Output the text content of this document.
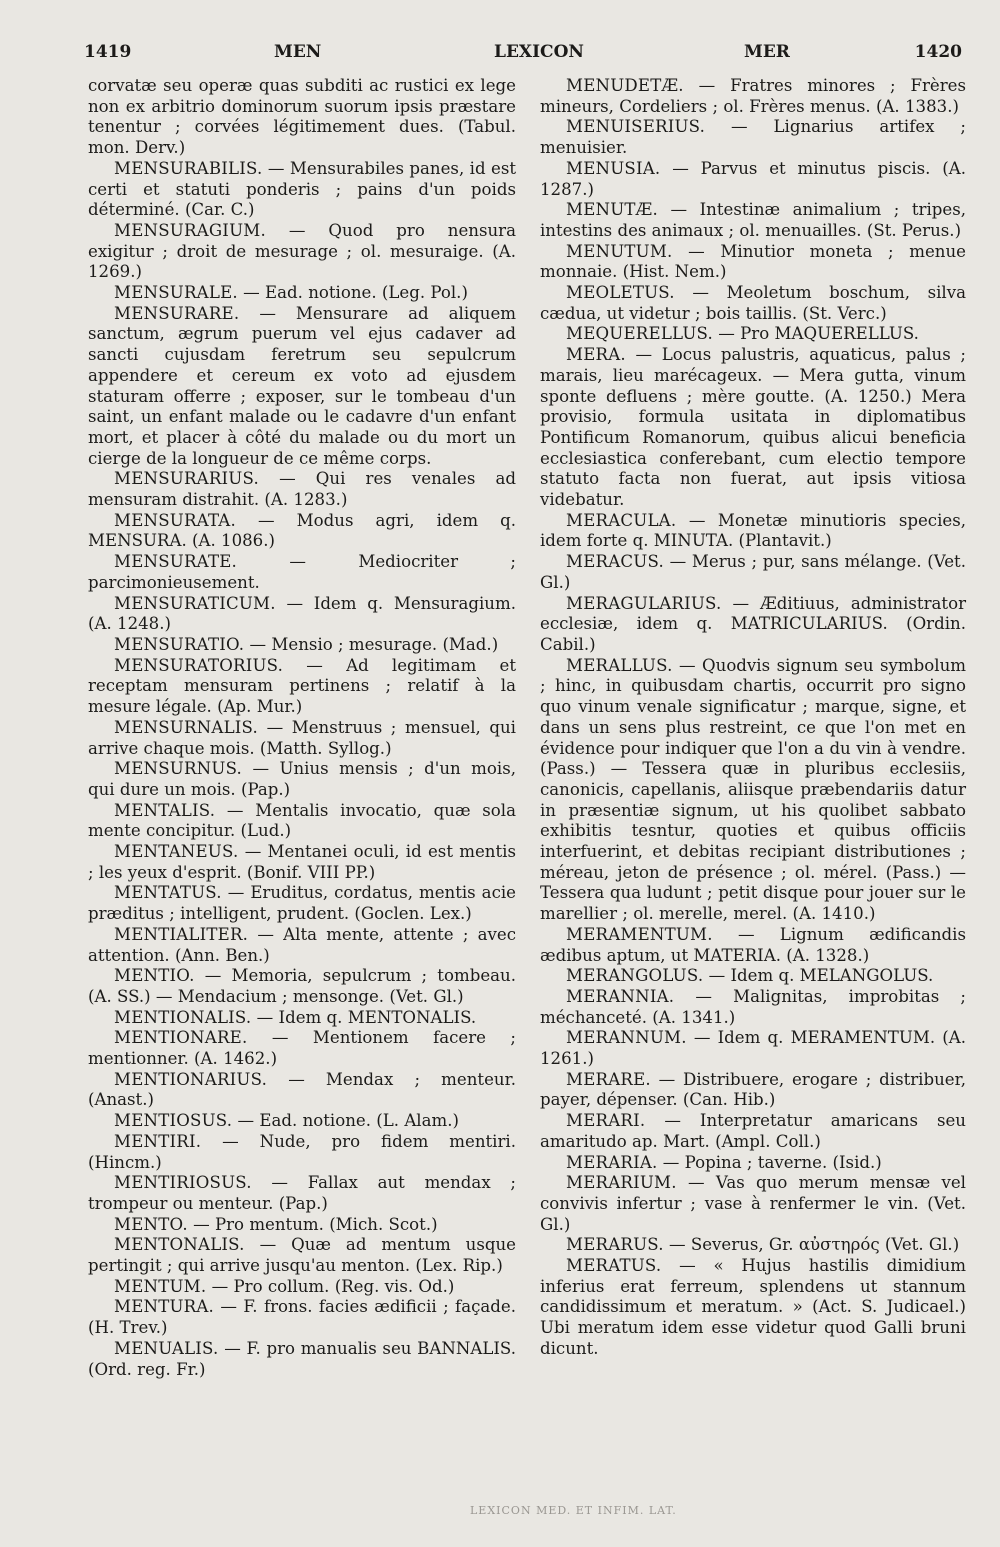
1419	MEN	LEXICON	MER	1420

corvatæ seu operæ quas subditi ac rustici ex lege non ex arbitrio dominorum suorum ipsis præstare tenentur ; corvées légitimement dues. (Tabul. mon. Derv.)

MENSURABILIS. — Mensurabiles panes, id est certi et statuti ponderis ; pains d'un poids déterminé. (Car. C.)

MENSURAGIUM. — Quod pro nensura exigitur ; droit de mesurage ; ol. mesuraige. (A. 1269.)

MENSURALE. — Ead. notione. (Leg. Pol.)

MENSURARE. — Mensurare ad aliquem sanctum, ægrum puerum vel ejus cadaver ad sancti cujusdam feretrum seu sepulcrum appendere et cereum ex voto ad ejusdem staturam offerre ; exposer, sur le tombeau d'un saint, un enfant malade ou le cadavre d'un enfant mort, et placer à côté du malade ou du mort un cierge de la longueur de ce même corps.

MENSURARIUS. — Qui res venales ad mensuram distrahit. (A. 1283.)

MENSURATA. — Modus agri, idem q. MENSURA. (A. 1086.)

MENSURATE. — Mediocriter ; parcimonieusement.

MENSURATICUM. — Idem q. Mensuragium. (A. 1248.)

MENSURATIO. — Mensio ; mesurage. (Mad.)

MENSURATORIUS. — Ad legitimam et receptam mensuram pertinens ; relatif à la mesure légale. (Ap. Mur.)

MENSURNALIS. — Menstruus ; mensuel, qui arrive chaque mois. (Matth. Syllog.)

MENSURNUS. — Unius mensis ; d'un mois, qui dure un mois. (Pap.)

MENTALIS. — Mentalis invocatio, quæ sola mente concipitur. (Lud.)

MENTANEUS. — Mentanei oculi, id est mentis ; les yeux d'esprit. (Bonif. VIII PP.)

MENTATUS. — Eruditus, cordatus, mentis acie præditus ; intelligent, prudent. (Goclen. Lex.)

MENTIALITER. — Alta mente, attente ; avec attention. (Ann. Ben.)

MENTIO. — Memoria, sepulcrum ; tombeau. (A. SS.) — Mendacium ; mensonge. (Vet. Gl.)

MENTIONALIS. — Idem q. MENTONALIS.

MENTIONARE. — Mentionem facere ; mentionner. (A. 1462.)

MENTIONARIUS. — Mendax ; menteur. (Anast.)

MENTIOSUS. — Ead. notione. (L. Alam.)

MENTIRI. — Nude, pro fidem mentiri. (Hincm.)

MENTIRIOSUS. — Fallax aut mendax ; trompeur ou menteur. (Pap.)

MENTO. — Pro mentum. (Mich. Scot.)

MENTONALIS. — Quæ ad mentum usque pertingit ; qui arrive jusqu'au menton. (Lex. Rip.)

MENTUM. — Pro collum. (Reg. vis. Od.)

MENTURA. — F. frons. facies ædificii ; façade. (H. Trev.)

MENUALIS. — F. pro manualis seu BANNALIS. (Ord. reg. Fr.)

MENUDETÆ. — Fratres minores ; Frères mineurs, Cordeliers ; ol. Frères menus. (A. 1383.)

MENUISERIUS. — Lignarius artifex ; menuisier.

MENUSIA. — Parvus et minutus piscis. (A. 1287.)

MENUTÆ. — Intestinæ animalium ; tripes, intestins des animaux ; ol. menuailles. (St. Perus.)

MENUTUM. — Minutior moneta ; menue monnaie. (Hist. Nem.)

MEOLETUS. — Meoletum boschum, silva cædua, ut videtur ; bois taillis. (St. Verc.)

MEQUERELLUS. — Pro MAQUERELLUS.

MERA. — Locus palustris, aquaticus, palus ; marais, lieu marécageux. — Mera gutta, vinum sponte defluens ; mère goutte. (A. 1250.) Mera provisio, formula usitata in diplomatibus Pontificum Romanorum, quibus alicui beneficia ecclesiastica conferebant, cum electio tempore statuto facta non fuerat, aut ipsis vitiosa videbatur.

MERACULA. — Monetæ minutioris species, idem forte q. MINUTA. (Plantavit.)

MERACUS. — Merus ; pur, sans mélange. (Vet. Gl.)

MERAGULARIUS. — Æditiuus, administrator ecclesiæ, idem q. MATRICULARIUS. (Ordin. Cabil.)

MERALLUS. — Quodvis signum seu symbolum ; hinc, in quibusdam chartis, occurrit pro signo quo vinum venale significatur ; marque, signe, et dans un sens plus restreint, ce que l'on met en évidence pour indiquer que l'on a du vin à vendre. (Pass.) — Tessera quæ in pluribus ecclesiis, canonicis, capellanis, aliisque præbendariis datur in præsentiæ signum, ut his quolibet sabbato exhibitis tesntur, quoties et quibus officiis interfuerint, et debitas recipiant distributiones ; méreau, jeton de présence ; ol. mérel. (Pass.) — Tessera qua ludunt ; petit disque pour jouer sur le marellier ; ol. merelle, merel. (A. 1410.)

MERAMENTUM. — Lignum ædificandis ædibus aptum, ut MATERIA. (A. 1328.)

MERANGOLUS. — Idem q. MELANGOLUS.

MERANNIA. — Malignitas, improbitas ; méchanceté. (A. 1341.)

MERANNUM. — Idem q. MERAMENTUM. (A. 1261.)

MERARE. — Distribuere, erogare ; distribuer, payer, dépenser. (Can. Hib.)

MERARI. — Interpretatur amaricans seu amaritudo ap. Mart. (Ampl. Coll.)

MERARIA. — Popina ; taverne. (Isid.)

MERARIUM. — Vas quo merum mensæ vel convivis infertur ; vase à renfermer le vin. (Vet. Gl.)

MERARUS. — Severus, Gr. αὐστηρός (Vet. Gl.)

MERATUS. — « Hujus hastilis dimidium inferius erat ferreum, splendens ut stannum candidissimum et meratum. » (Act. S. Judicael.) Ubi meratum idem esse videtur quod Galli bruni dicunt.

LEXICON MED. ET INFIM. LAT.
